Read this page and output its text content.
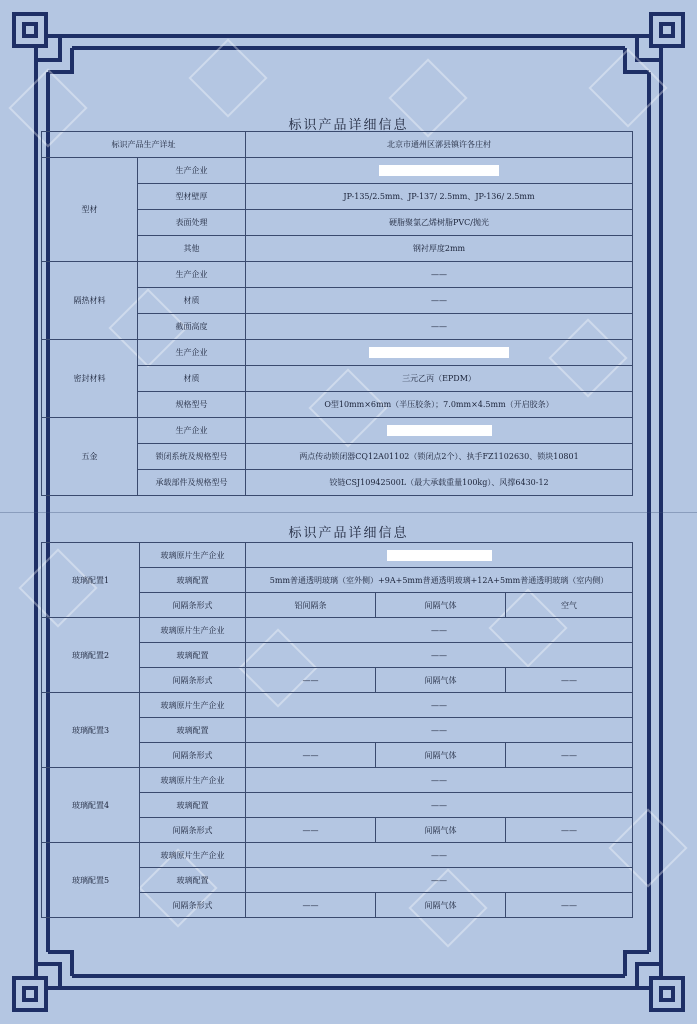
标识产品详细信息
标识产品生产详址		北京市通州区漷县镇许各庄村
型材	生产企业	
	型材壁厚	JP-135/2.5mm、JP-137/ 2.5mm、JP-136/ 2.5mm
	表面处理	硬脂聚氯乙烯树脂PVC/抛光
	其他	钢衬厚度2mm
隔热材料	生产企业	——
	材质	——
	截面高度	——
密封材料	生产企业	
	材质	三元乙丙（EPDM）
	规格型号	O型10mm×6mm（半压胶条）；7.0mm×4.5mm（开启胶条）
五金	生产企业	
	锁闭系统及规格型号	两点传动锁闭器CQ12A01102（锁闭点2个）、执手FZ1102630、锁块10801
	承载部件及规格型号	铰链CSJ10942500L（最大承载重量100kg）、风撑6430-12
标识产品详细信息
玻璃配置1	玻璃原片生产企业			
	玻璃配置	5mm普通透明玻璃（室外侧）+9A+5mm普通透明玻璃+12A+5mm普通透明玻璃（室内侧）		
	间隔条形式	铝间隔条	间隔气体	空气
玻璃配置2	玻璃原片生产企业	——		
	玻璃配置	——		
	间隔条形式	——	间隔气体	——
玻璃配置3	玻璃原片生产企业	——		
	玻璃配置	——		
	间隔条形式	——	间隔气体	——
玻璃配置4	玻璃原片生产企业	——		
	玻璃配置	——		
	间隔条形式	——	间隔气体	——
玻璃配置5	玻璃原片生产企业	——		
	玻璃配置	——		
	间隔条形式	——	间隔气体	——
